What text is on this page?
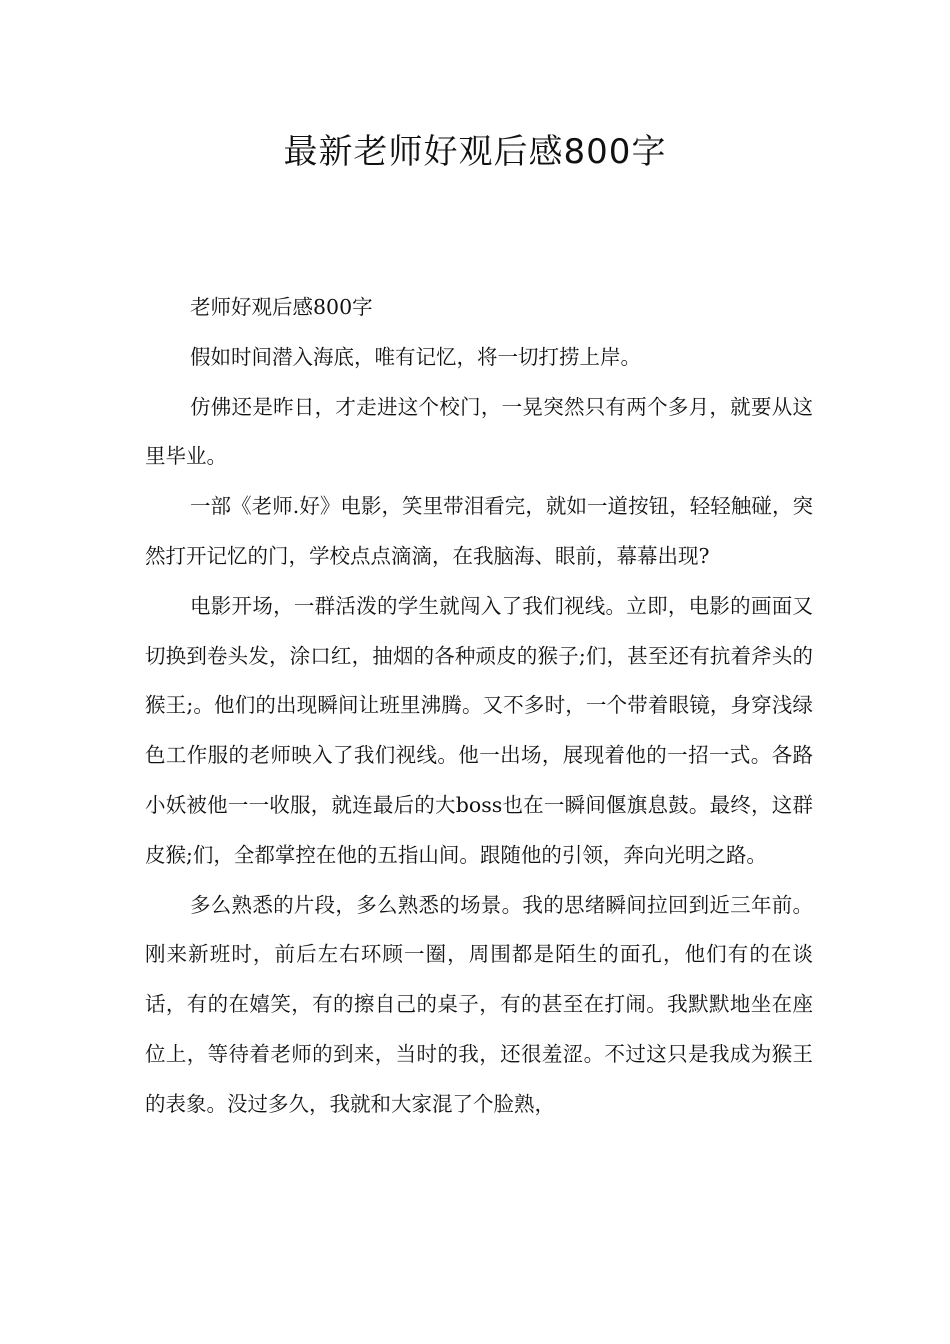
最新老师好观后感800字

老师好观后感800字

假如时间潜入海底，唯有记忆，将一切打捞上岸。

仿佛还是昨日，才走进这个校门，一晃突然只有两个多月，就要从这里毕业。

一部《老师.好》电影，笑里带泪看完，就如一道按钮，轻轻触碰，突然打开记忆的门，学校点点滴滴，在我脑海、眼前，幕幕出现?

电影开场，一群活泼的学生就闯入了我们视线。立即，电影的画面又切换到卷头发，涂口红，抽烟的各种顽皮的猴子;们，甚至还有抗着斧头的猴王;。他们的出现瞬间让班里沸腾。又不多时，一个带着眼镜，身穿浅绿色工作服的老师映入了我们视线。他一出场，展现着他的一招一式。各路小妖被他一一收服，就连最后的大boss也在一瞬间偃旗息鼓。最终，这群皮猴;们，全都掌控在他的五指山间。跟随他的引领，奔向光明之路。

多么熟悉的片段，多么熟悉的场景。我的思绪瞬间拉回到近三年前。刚来新班时，前后左右环顾一圈，周围都是陌生的面孔，他们有的在谈话，有的在嬉笑，有的擦自己的桌子，有的甚至在打闹。我默默地坐在座位上，等待着老师的到来，当时的我，还很羞涩。不过这只是我成为猴王的表象。没过多久，我就和大家混了个脸熟，
